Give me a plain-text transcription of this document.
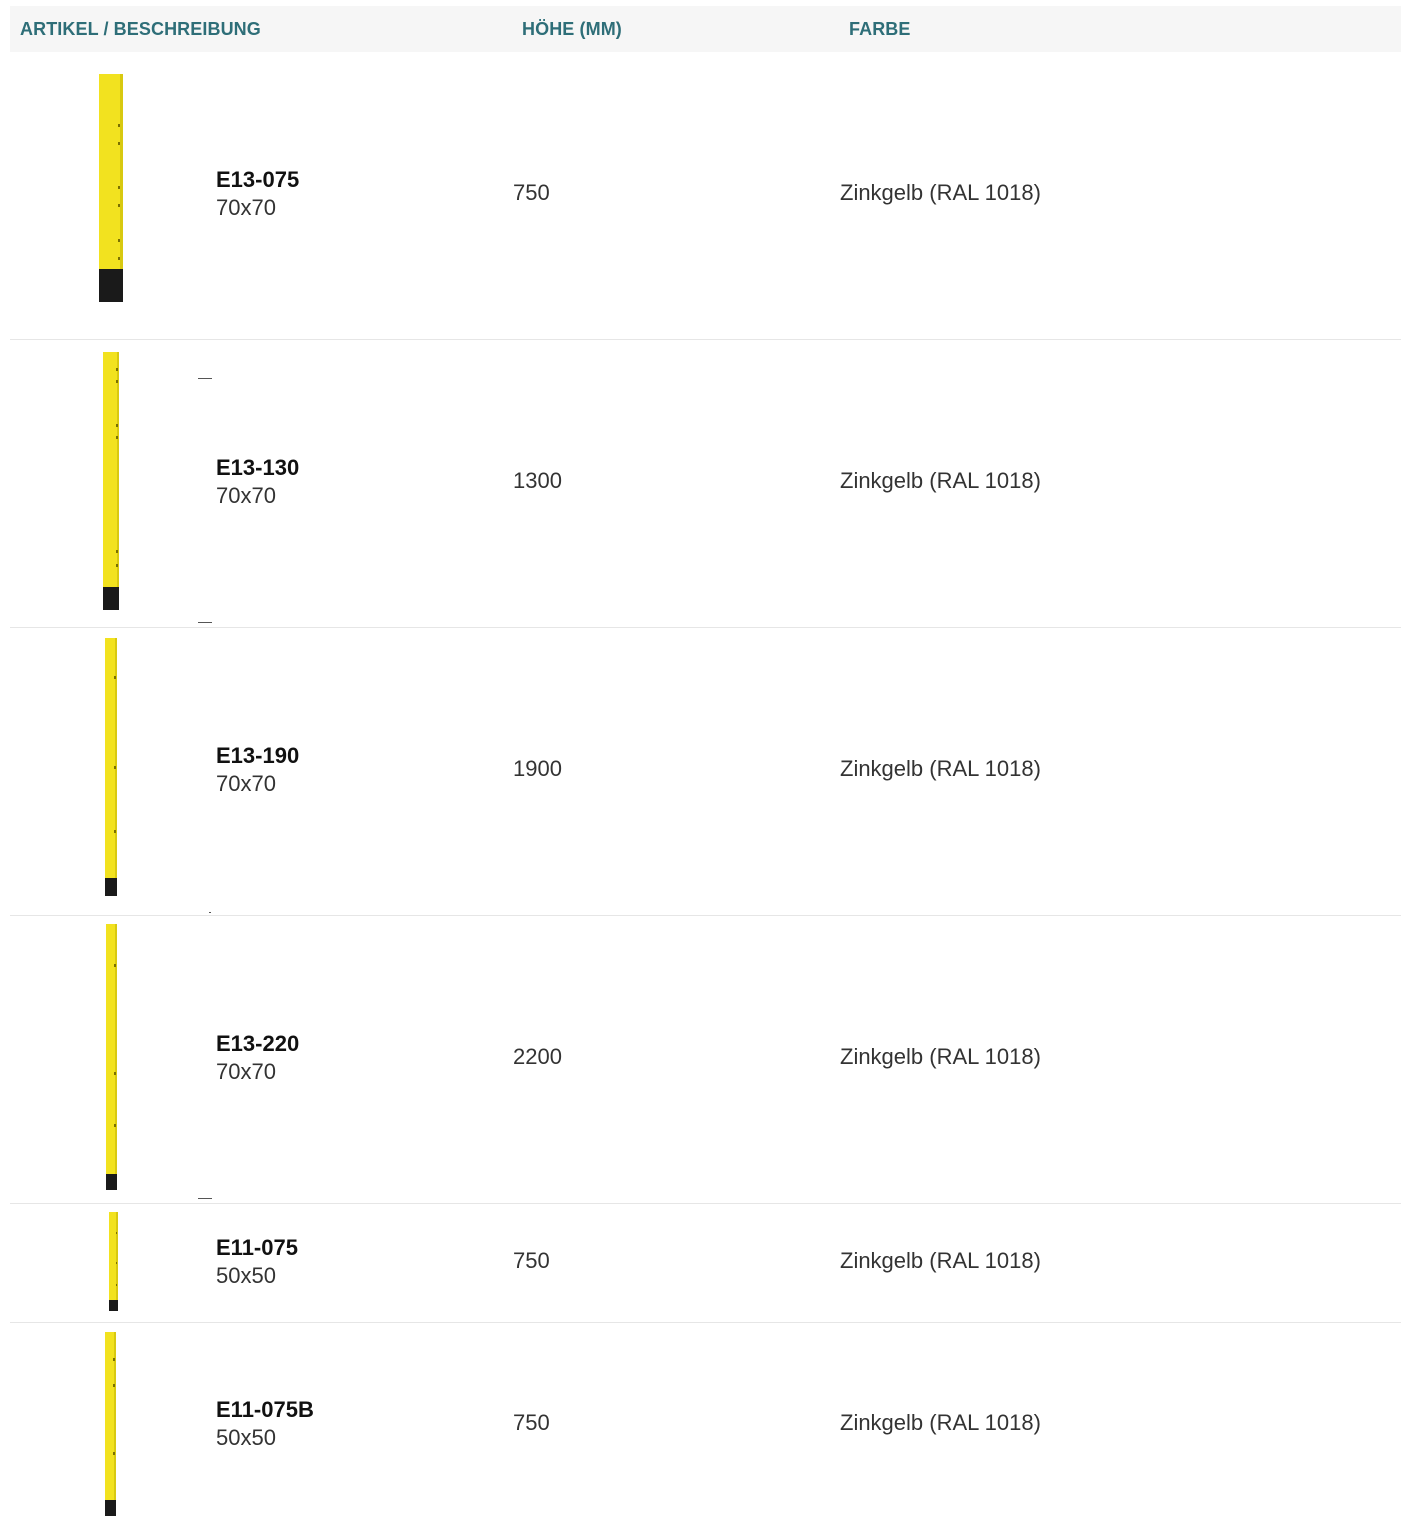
ARTIKEL / BESCHREIBUNG	HÖHE (MM)	FARBE
E13-075
70x70
750	Zinkgelb (RAL 1018)
E13-130
70x70
1300	Zinkgelb (RAL 1018)
E13-190
70x70
1900	Zinkgelb (RAL 1018)
E13-220
70x70
2200	Zinkgelb (RAL 1018)
E11-075
50x50
750	Zinkgelb (RAL 1018)
E11-075B
50x50
750	Zinkgelb (RAL 1018)
